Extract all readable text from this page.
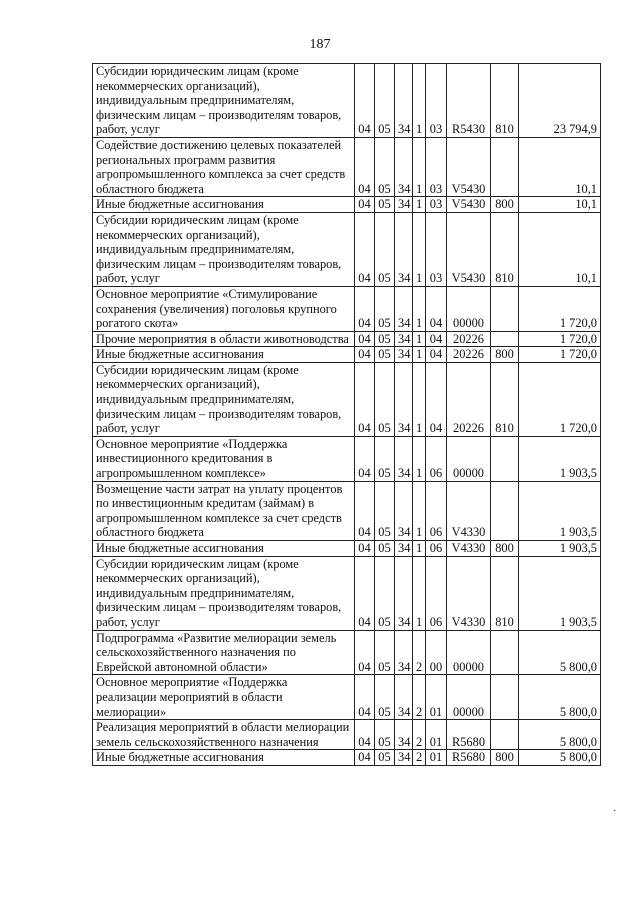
187
Субсидии юридическим лицам (кроме некоммерческих организаций), индивидуальным предпринимателям, физическим лицам – производителям товаров, работ, услуг	04	05	34	1	03	R5430	810	23 794,9
Содействие достижению целевых показателей региональных программ развития агропромышленного комплекса за счет средств областного бюджета	04	05	34	1	03	V5430		10,1
Иные бюджетные ассигнования	04	05	34	1	03	V5430	800	10,1
Субсидии юридическим лицам (кроме некоммерческих организаций), индивидуальным предпринимателям, физическим лицам – производителям товаров, работ, услуг	04	05	34	1	03	V5430	810	10,1
Основное мероприятие «Стимулирование сохранения (увеличения) поголовья крупного рогатого скота»	04	05	34	1	04	00000		1 720,0
Прочие мероприятия в области животноводства	04	05	34	1	04	20226		1 720,0
Иные бюджетные ассигнования	04	05	34	1	04	20226	800	1 720,0
Субсидии юридическим лицам (кроме некоммерческих организаций), индивидуальным предпринимателям, физическим лицам – производителям товаров, работ, услуг	04	05	34	1	04	20226	810	1 720,0
Основное мероприятие «Поддержка инвестиционного кредитования в агропромышленном комплексе»	04	05	34	1	06	00000		1 903,5
Возмещение части затрат на уплату процентов по инвестиционным кредитам (займам) в агропромышленном комплексе за счет средств областного бюджета	04	05	34	1	06	V4330		1 903,5
Иные бюджетные ассигнования	04	05	34	1	06	V4330	800	1 903,5
Субсидии юридическим лицам (кроме некоммерческих организаций), индивидуальным предпринимателям, физическим лицам – производителям товаров, работ, услуг	04	05	34	1	06	V4330	810	1 903,5
Подпрограмма «Развитие мелиорации земель сельскохозяйственного назначения по Еврейской автономной области»	04	05	34	2	00	00000		5 800,0
Основное мероприятие «Поддержка реализации мероприятий в области мелиорации»	04	05	34	2	01	00000		5 800,0
Реализация мероприятий в области мелиорации земель сельскохозяйственного назначения	04	05	34	2	01	R5680		5 800,0
Иные бюджетные ассигнования	04	05	34	2	01	R5680	800	5 800,0
.
